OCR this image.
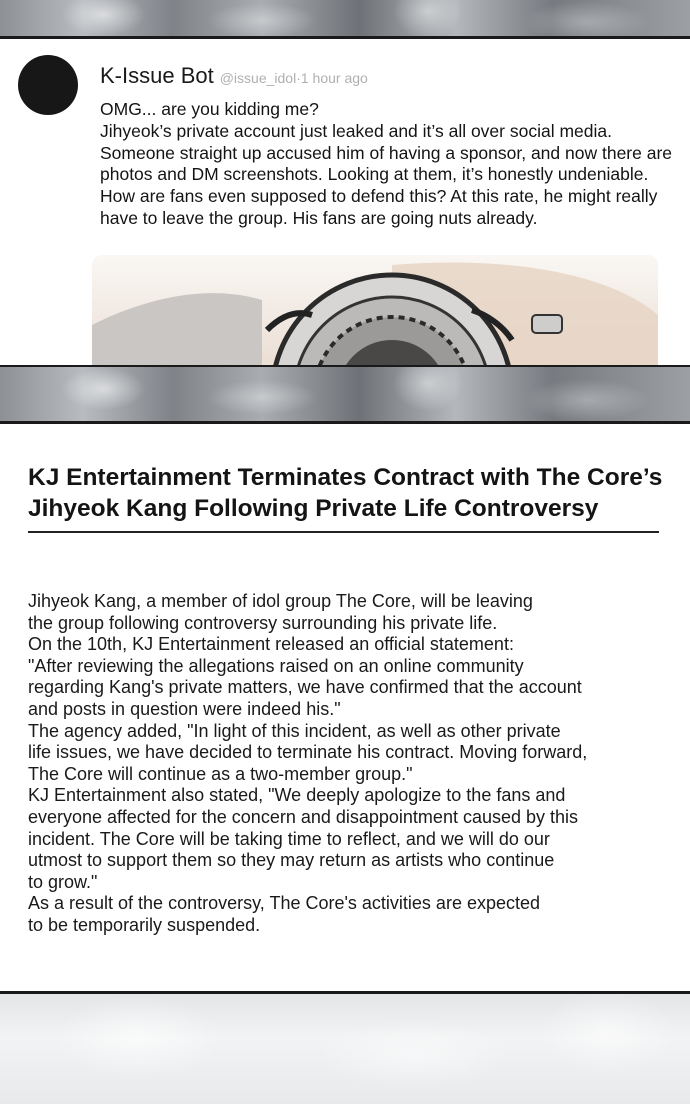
K-Issue Bot @issue_idol·1 hour ago
OMG... are you kidding me?
Jihyeok’s private account just leaked and it’s all over social media.
Someone straight up accused him of having a sponsor, and now there are
photos and DM screenshots. Looking at them, it’s honestly undeniable.
How are fans even supposed to defend this? At this rate, he might really
have to leave the group. His fans are going nuts already.
KJ Entertainment Terminates Contract with The Core’s
Jihyeok Kang Following Private Life Controversy
Jihyeok Kang, a member of idol group The Core, will be leaving
the group following controversy surrounding his private life.
On the 10th, KJ Entertainment released an official statement:
"After reviewing the allegations raised on an online community
regarding Kang's private matters, we have confirmed that the account
and posts in question were indeed his."
The agency added, "In light of this incident, as well as other private
life issues, we have decided to terminate his contract. Moving forward,
The Core will continue as a two-member group."
KJ Entertainment also stated, "We deeply apologize to the fans and
everyone affected for the concern and disappointment caused by this
incident. The Core will be taking time to reflect, and we will do our
utmost to support them so they may return as artists who continue
to grow."
As a result of the controversy, The Core's activities are expected
to be temporarily suspended.
